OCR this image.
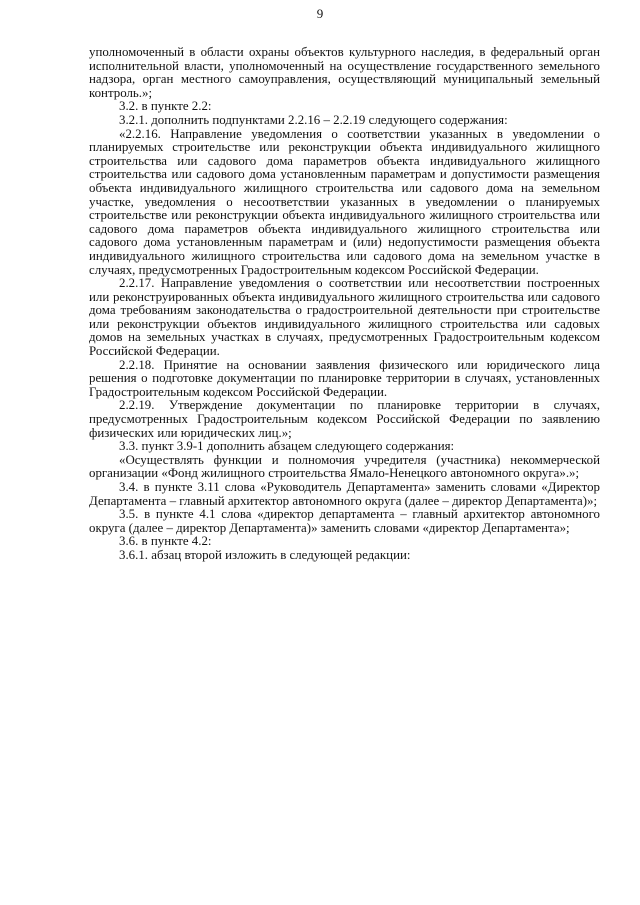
9

уполномоченный в области охраны объектов культурного наследия, в федеральный орган исполнительной власти, уполномоченный на осуществление государственного земельного надзора, орган местного самоуправления, осуществляющий муниципальный земельный контроль.»;

3.2. в пункте 2.2:

3.2.1. дополнить подпунктами 2.2.16 – 2.2.19 следующего содержания:

«2.2.16. Направление уведомления о соответствии указанных в уведомлении о планируемых строительстве или реконструкции объекта индивидуального жилищного строительства или садового дома параметров объекта индивидуального жилищного строительства или садового дома установленным параметрам и допустимости размещения объекта индивидуального жилищного строительства или садового дома на земельном участке, уведомления о несоответствии указанных в уведомлении о планируемых строительстве или реконструкции объекта индивидуального жилищного строительства или садового дома параметров объекта индивидуального жилищного строительства или садового дома установленным параметрам и (или) недопустимости размещения объекта индивидуального жилищного строительства или садового дома на земельном участке в случаях, предусмотренных Градостроительным кодексом Российской Федерации.

2.2.17. Направление уведомления о соответствии или несоответствии построенных или реконструированных объекта индивидуального жилищного строительства или садового дома требованиям законодательства о градостроительной деятельности при строительстве или реконструкции объектов индивидуального жилищного строительства или садовых домов на земельных участках в случаях, предусмотренных Градостроительным кодексом Российской Федерации.

2.2.18. Принятие на основании заявления физического или юридического лица решения о подготовке документации по планировке территории в случаях, установленных Градостроительным кодексом Российской Федерации.

2.2.19. Утверждение документации по планировке территории в случаях, предусмотренных Градостроительным кодексом Российской Федерации по заявлению физических или юридических лиц.»;

3.3. пункт 3.9-1 дополнить абзацем следующего содержания:

«Осуществлять функции и полномочия учредителя (участника) некоммерческой организации «Фонд жилищного строительства Ямало-Ненецкого автономного округа».»;

3.4. в пункте 3.11 слова «Руководитель Департамента» заменить словами «Директор Департамента – главный архитектор автономного округа (далее – директор Департамента)»;

3.5. в пункте 4.1 слова «директор департамента – главный архитектор автономного округа (далее – директор Департамента)» заменить словами «директор Департамента»;

3.6. в пункте 4.2:

3.6.1. абзац второй изложить в следующей редакции:
